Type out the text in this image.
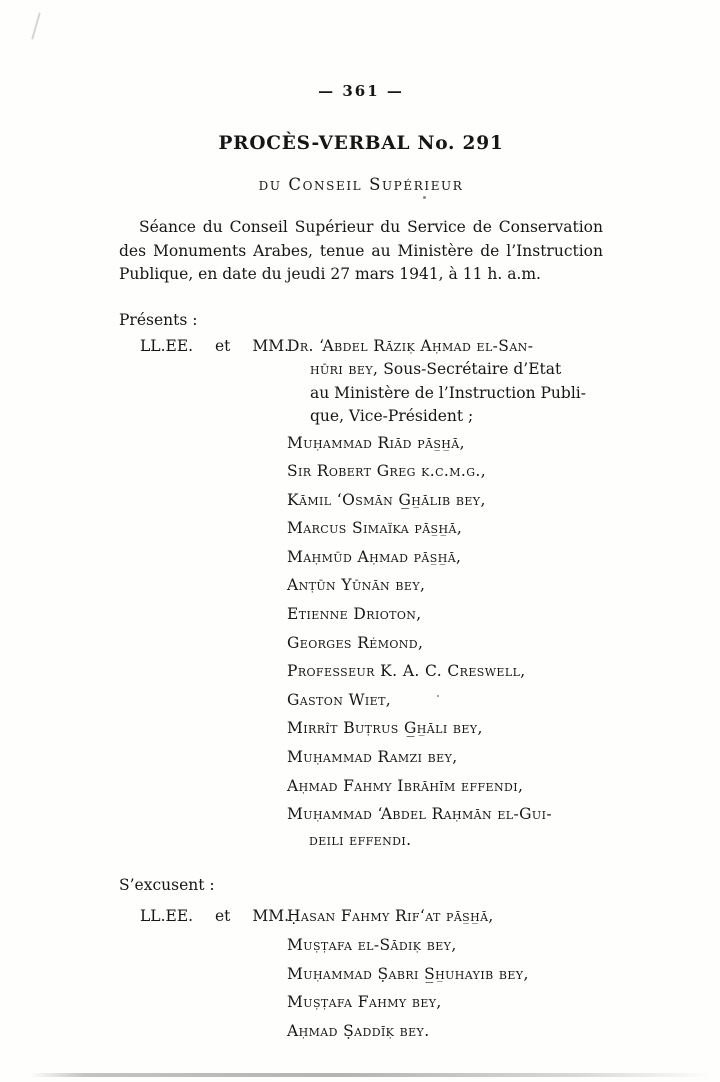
— 361 —
PROCÈS-VERBAL No. 291
du Conseil Supérieur
Séance du Conseil Supérieur du Service de Conservation
des Monuments Arabes, tenue au Ministère de l’Instruction
Publique, en date du jeudi 27 mars 1941, à 11 h. a.m.
Présents :
LL.EE. et MM.
Dr. ‘Abdel Rāziḳ Aḥmad el-San-
hūri bey, Sous-Secrétaire d’Etat
au Ministère de l’Instruction Publi-
que, Vice-Président ;
Muḥammad Riād pās̲h̲ā,
Sir Robert Greg k.c.m.g.,
Kāmil ‘Osmān G̲h̲ālib bey,
Marcus Simaïka pās̲h̲ā,
Maḥmūd Aḥmad pās̲h̲ā,
Anṭūn Yūnān bey,
Etienne Drioton,
Georges Rémond,
Professeur K. A. C. Creswell,
Gaston Wiet,
Mirrît Buṭrus G̲h̲āli bey,
Muḥammad Ramzi bey,
Aḥmad Fahmy Ibrāhīm effendi,
Muḥammad ‘Abdel Raḥmān el-Gui-
deili effendi.
S’excusent :
LL.EE. et MM.
Ḥasan Fahmy Rif‘at pās̲h̲ā,
Muṣṭafa el-Sādiḳ bey,
Muḥammad Ṣabri S̲h̲uhayib bey,
Muṣṭafa Fahmy bey,
Aḥmad Ṣaddīḳ bey.
